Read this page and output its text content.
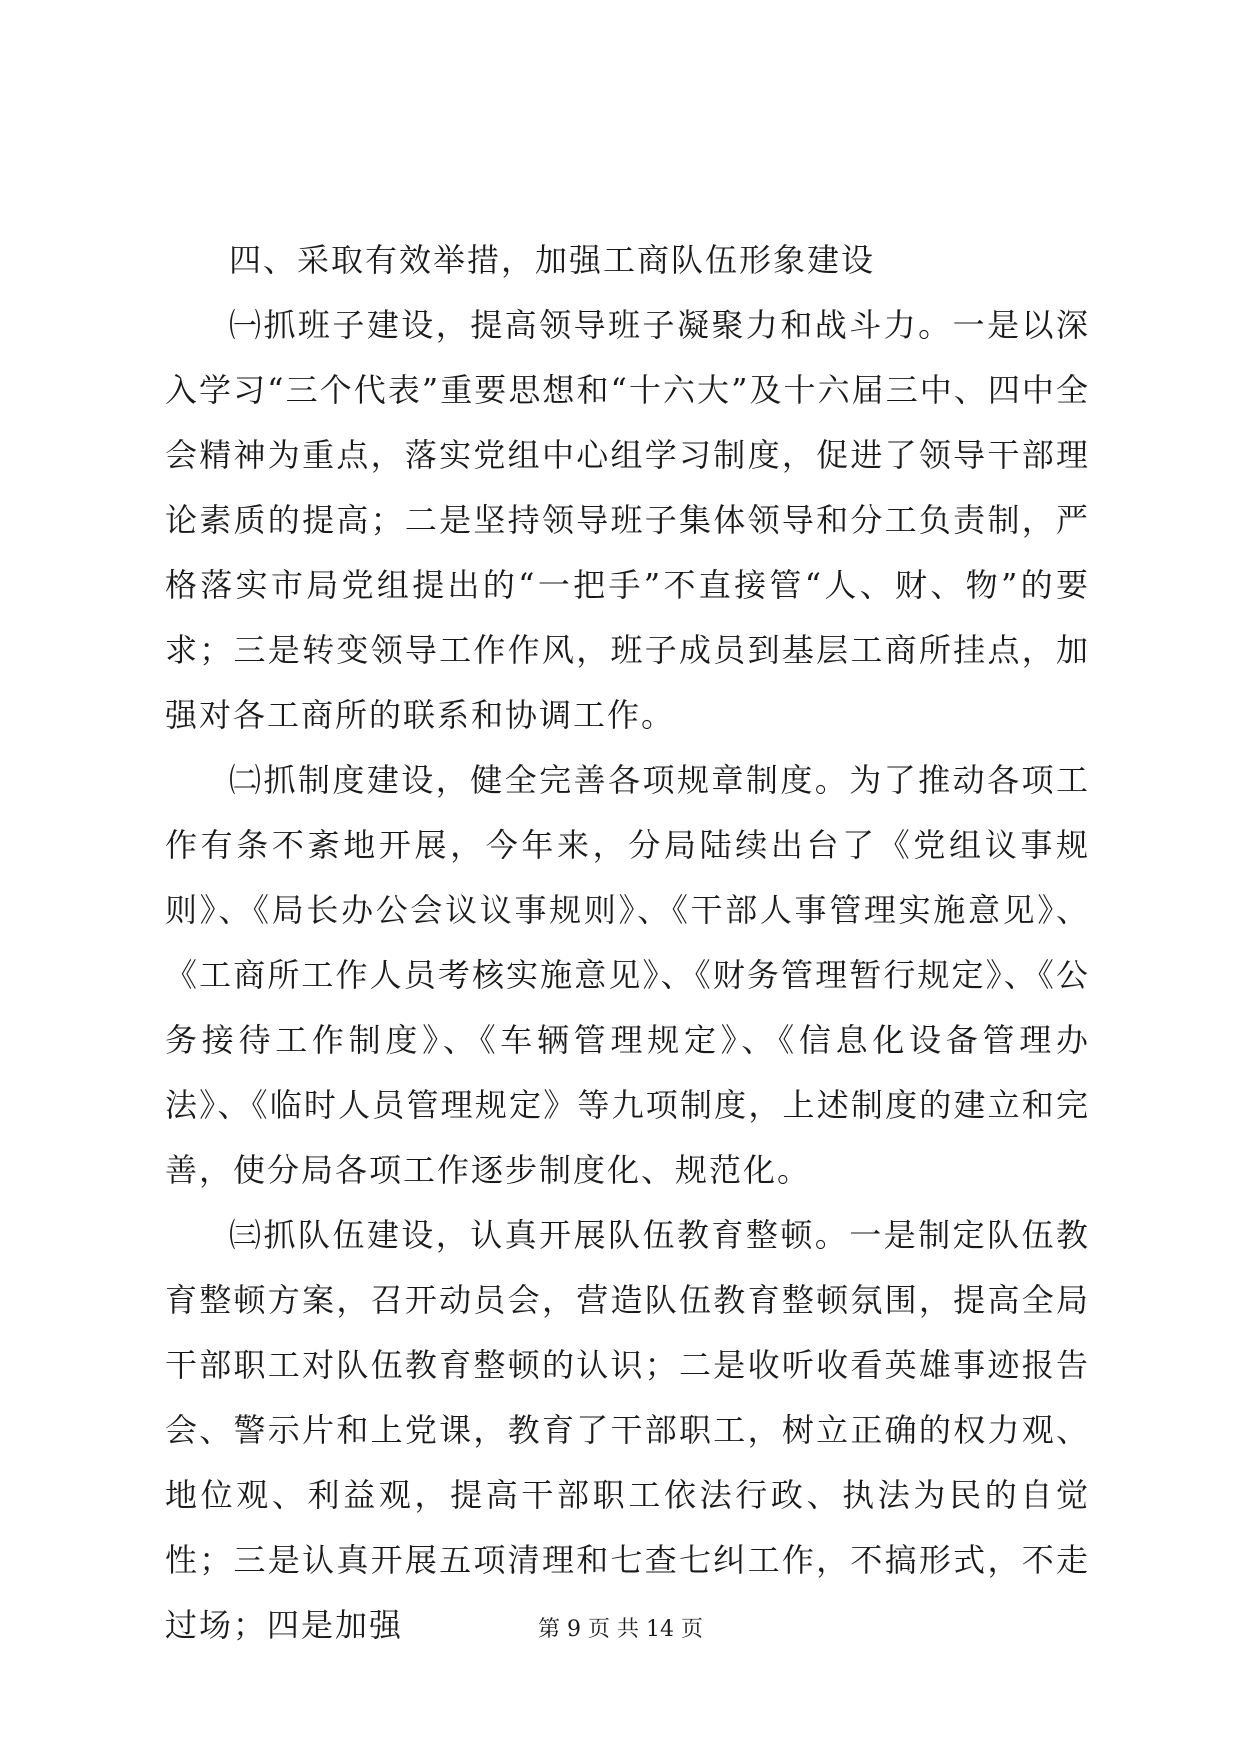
四、采取有效举措，加强工商队伍形象建设

㈠抓班子建设，提高领导班子凝聚力和战斗力。一是以深入学习“三个代表”重要思想和“十六大”及十六届三中、四中全会精神为重点，落实党组中心组学习制度，促进了领导干部理论素质的提高；二是坚持领导班子集体领导和分工负责制，严格落实市局党组提出的“一把手”不直接管“人、财、物”的要求；三是转变领导工作作风，班子成员到基层工商所挂点，加强对各工商所的联系和协调工作。

㈡抓制度建设，健全完善各项规章制度。为了推动各项工作有条不紊地开展，今年来，分局陆续出台了《党组议事规则》、《局长办公会议议事规则》、《干部人事管理实施意见》、《工商所工作人员考核实施意见》、《财务管理暂行规定》、《公务接待工作制度》、《车辆管理规定》、《信息化设备管理办法》、《临时人员管理规定》等九项制度，上述制度的建立和完善，使分局各项工作逐步制度化、规范化。

㈢抓队伍建设，认真开展队伍教育整顿。一是制定队伍教育整顿方案，召开动员会，营造队伍教育整顿氛围，提高全局干部职工对队伍教育整顿的认识；二是收听收看英雄事迹报告会、警示片和上党课，教育了干部职工，树立正确的权力观、地位观、利益观，提高干部职工依法行政、执法为民的自觉性；三是认真开展五项清理和七查七纠工作，不搞形式，不走过场；四是加强	第 9 页 共 14 页
